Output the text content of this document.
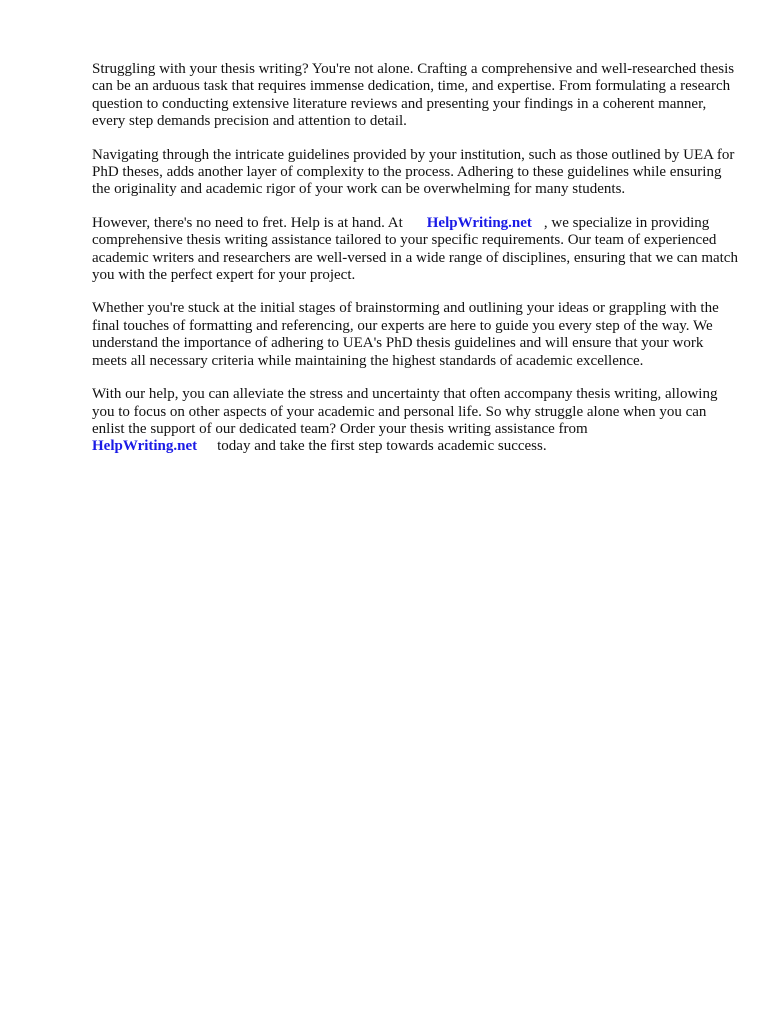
Struggling with your thesis writing? You're not alone. Crafting a comprehensive and well-researched thesis can be an arduous task that requires immense dedication, time, and expertise. From formulating a research question to conducting extensive literature reviews and presenting your findings in a coherent manner, every step demands precision and attention to detail.

Navigating through the intricate guidelines provided by your institution, such as those outlined by UEA for PhD theses, adds another layer of complexity to the process. Adhering to these guidelines while ensuring the originality and academic rigor of your work can be overwhelming for many students.

However, there's no need to fret. Help is at hand. At HelpWriting.net , we specialize in providing comprehensive thesis writing assistance tailored to your specific requirements. Our team of experienced academic writers and researchers are well-versed in a wide range of disciplines, ensuring that we can match you with the perfect expert for your project.

Whether you're stuck at the initial stages of brainstorming and outlining your ideas or grappling with the final touches of formatting and referencing, our experts are here to guide you every step of the way. We understand the importance of adhering to UEA's PhD thesis guidelines and will ensure that your work meets all necessary criteria while maintaining the highest standards of academic excellence.

With our help, you can alleviate the stress and uncertainty that often accompany thesis writing, allowing you to focus on other aspects of your academic and personal life. So why struggle alone when you can enlist the support of our dedicated team? Order your thesis writing assistance from HelpWriting.net today and take the first step towards academic success.
